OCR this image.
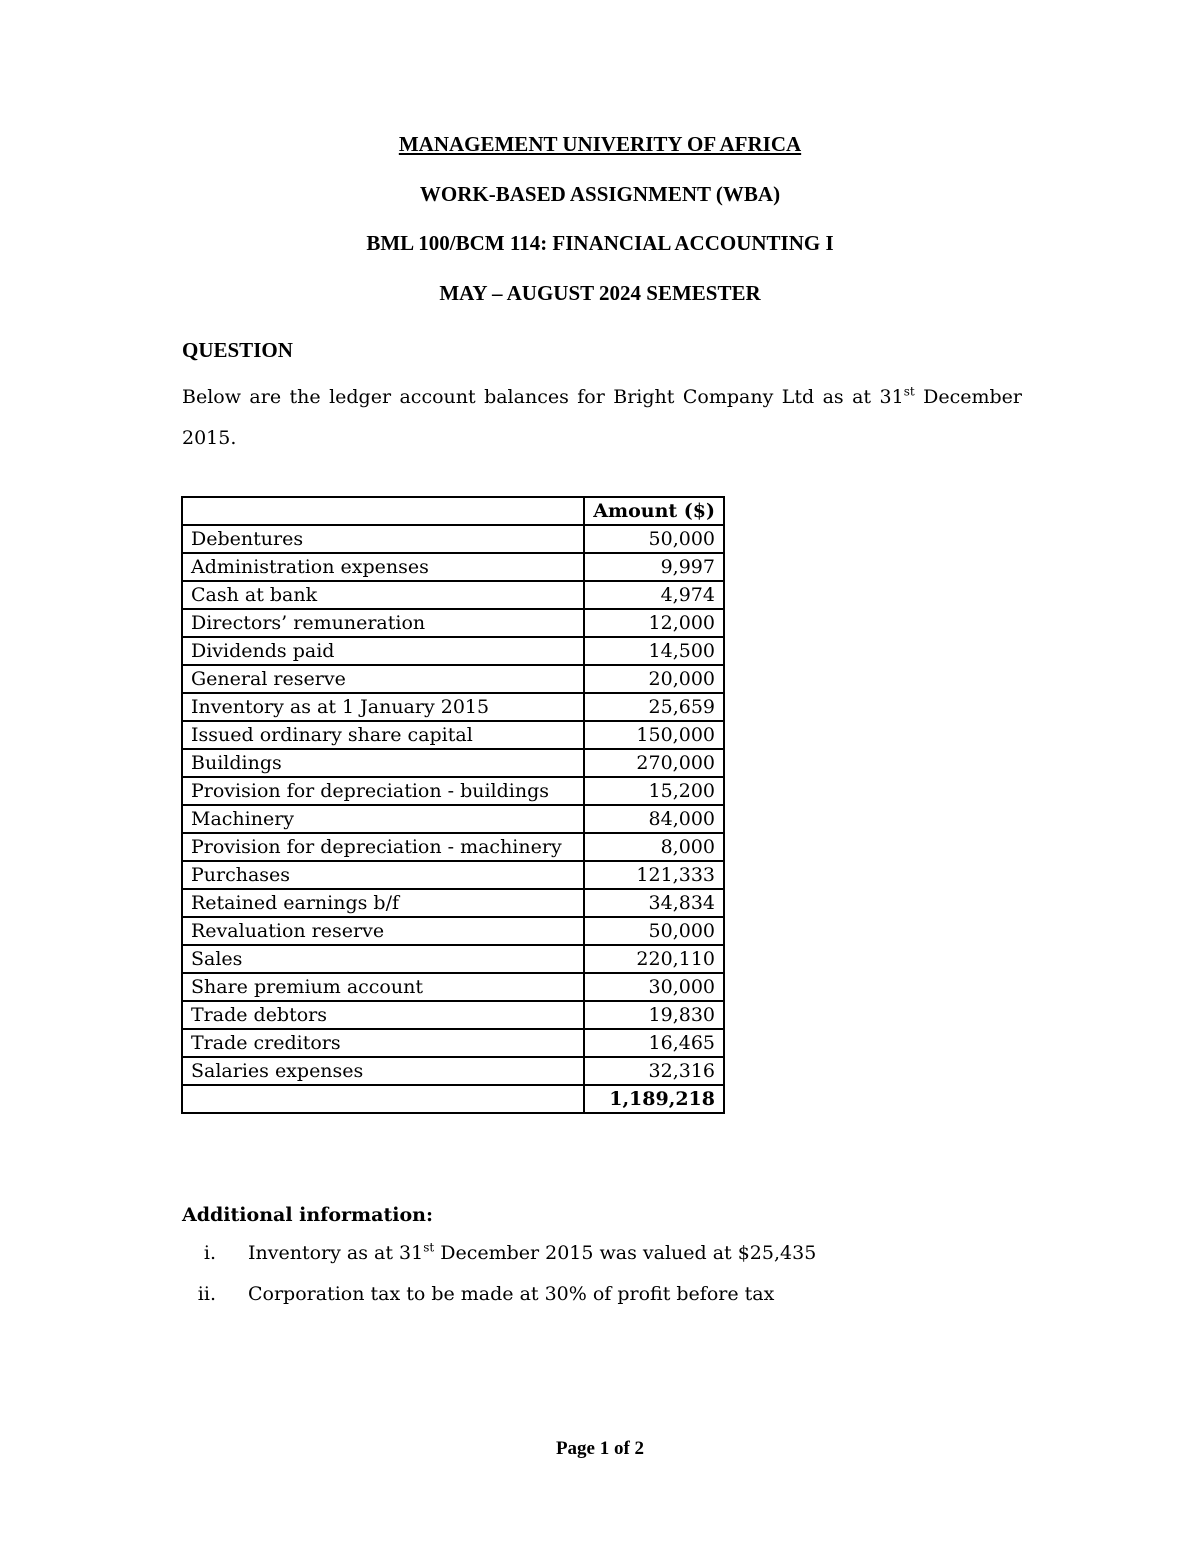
MANAGEMENT UNIVERITY OF AFRICA

WORK-BASED ASSIGNMENT (WBA)

BML 100/BCM 114: FINANCIAL ACCOUNTING I

MAY – AUGUST 2024 SEMESTER

QUESTION

Below are the ledger account balances for Bright Company Ltd as at 31st December 2015.

	Amount ($)
Debentures	50,000
Administration expenses	9,997
Cash at bank	4,974
Directors’ remuneration	12,000
Dividends paid	14,500
General reserve	20,000
Inventory as at 1 January 2015	25,659
Issued ordinary share capital	150,000
Buildings	270,000
Provision for depreciation - buildings	15,200
Machinery	84,000
Provision for depreciation - machinery	8,000
Purchases	121,333
Retained earnings b/f	34,834
Revaluation reserve	50,000
Sales	220,110
Share premium account	30,000
Trade debtors	19,830
Trade creditors	16,465
Salaries expenses	32,316
	1,189,218

Additional information:

i. Inventory as at 31st December 2015 was valued at $25,435
ii. Corporation tax to be made at 30% of profit before tax

Page 1 of 2
